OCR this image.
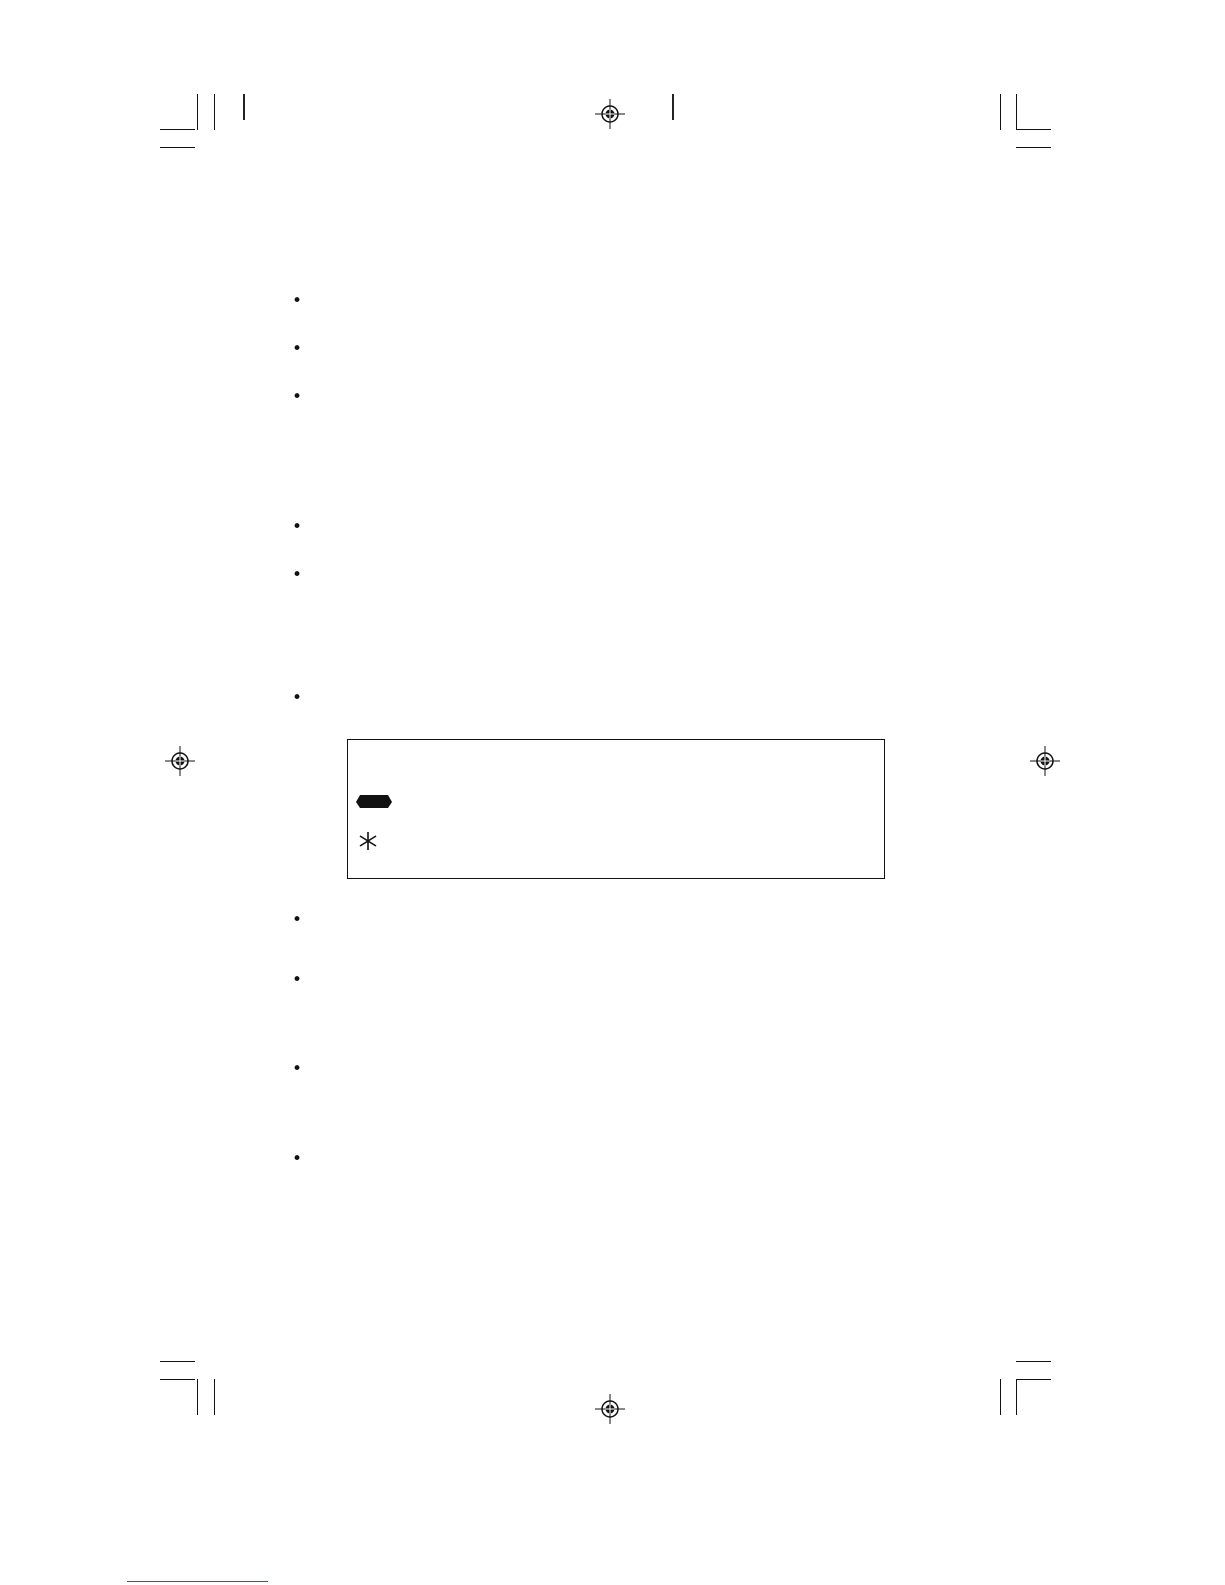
•
•
•
•
•
•
•
•
•
•
